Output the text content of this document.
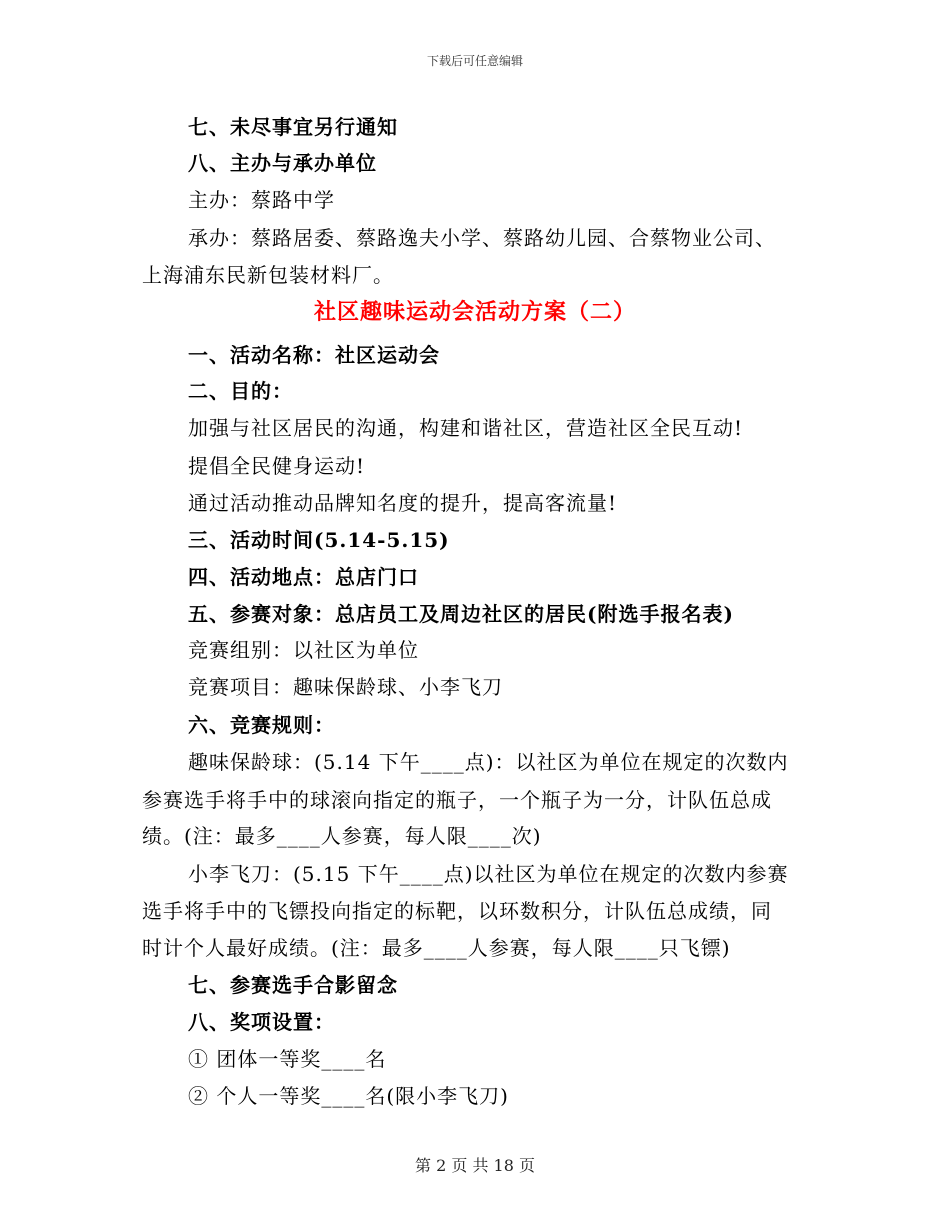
下载后可任意编辑
七、未尽事宜另行通知
八、主办与承办单位
主办：蔡路中学
承办：蔡路居委、蔡路逸夫小学、蔡路幼儿园、合蔡物业公司、
上海浦东民新包装材料厂。
社区趣味运动会活动方案（二）
一、活动名称：社区运动会
二、目的：
加强与社区居民的沟通，构建和谐社区，营造社区全民互动!
提倡全民健身运动!
通过活动推动品牌知名度的提升，提高客流量!
三、活动时间(5.14-5.15)
四、活动地点：总店门口
五、参赛对象：总店员工及周边社区的居民(附选手报名表)
竞赛组别：以社区为单位
竞赛项目：趣味保龄球、小李飞刀
六、竞赛规则：
趣味保龄球：(5.14 下午____点)：以社区为单位在规定的次数内
参赛选手将手中的球滚向指定的瓶子，一个瓶子为一分，计队伍总成
绩。(注：最多____人参赛，每人限____次)
小李飞刀：(5.15 下午____点)以社区为单位在规定的次数内参赛
选手将手中的飞镖投向指定的标靶，以环数积分，计队伍总成绩，同
时计个人最好成绩。(注：最多____人参赛，每人限____只飞镖)
七、参赛选手合影留念
八、奖项设置：
① 团体一等奖____名
② 个人一等奖____名(限小李飞刀)
第 2 页 共 18 页
